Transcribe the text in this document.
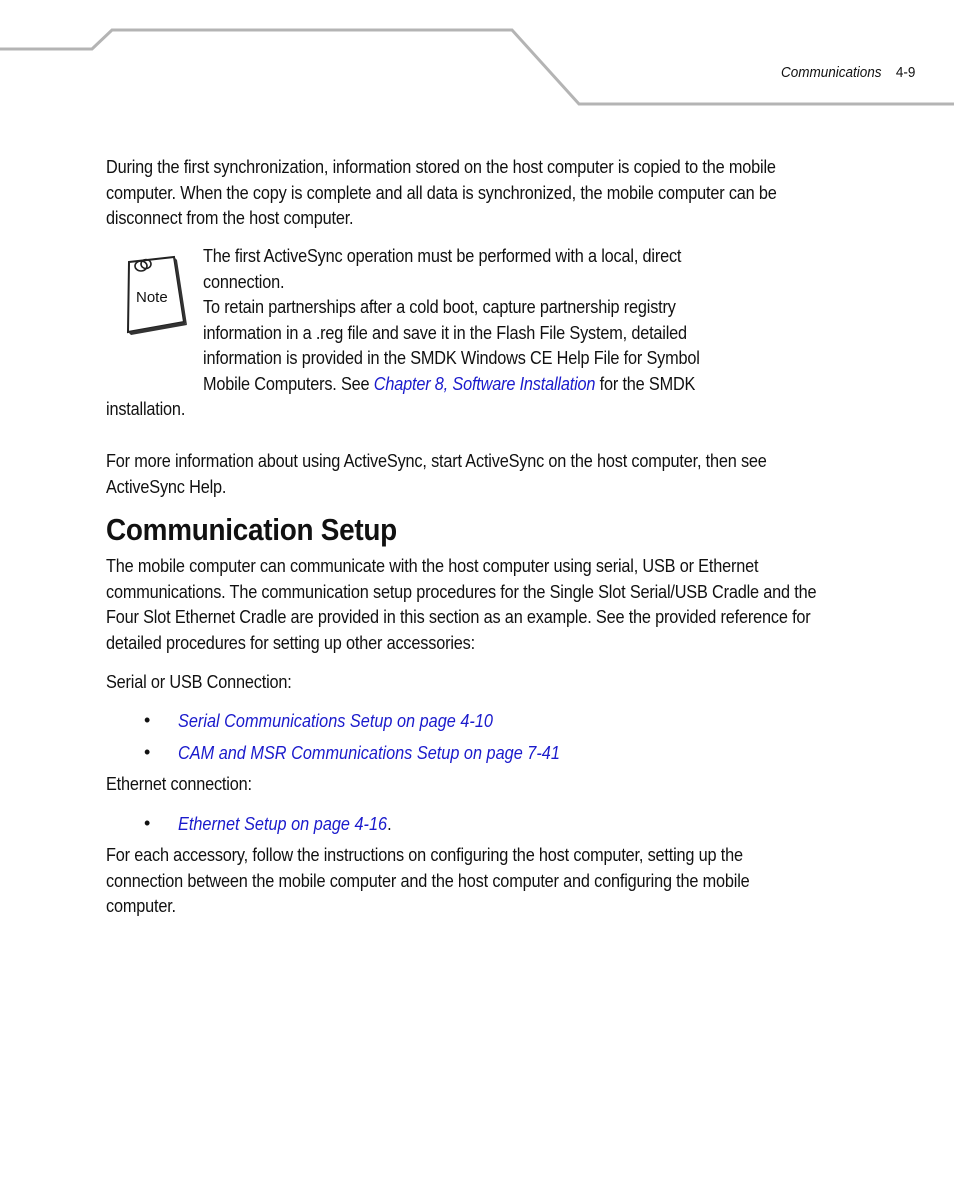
Communications 4-9

During the first synchronization, information stored on the host computer is copied to the mobile
computer. When the copy is complete and all data is synchronized, the mobile computer can be
disconnect from the host computer.

Note

The first ActiveSync operation must be performed with a local, direct
connection.
To retain partnerships after a cold boot, capture partnership registry
information in a .reg file and save it in the Flash File System, detailed
information is provided in the SMDK Windows CE Help File for Symbol
Mobile Computers. See Chapter 8, Software Installation for the SMDK

installation.

For more information about using ActiveSync, start ActiveSync on the host computer, then see
ActiveSync Help.

Communication Setup

The mobile computer can communicate with the host computer using serial, USB or Ethernet
communications. The communication setup procedures for the Single Slot Serial/USB Cradle and the
Four Slot Ethernet Cradle are provided in this section as an example. See the provided reference for
detailed procedures for setting up other accessories:

Serial or USB Connection:

• Serial Communications Setup on page 4-10

• CAM and MSR Communications Setup on page 7-41

Ethernet connection:

• Ethernet Setup on page 4-16.

For each accessory, follow the instructions on configuring the host computer, setting up the
connection between the mobile computer and the host computer and configuring the mobile
computer.
